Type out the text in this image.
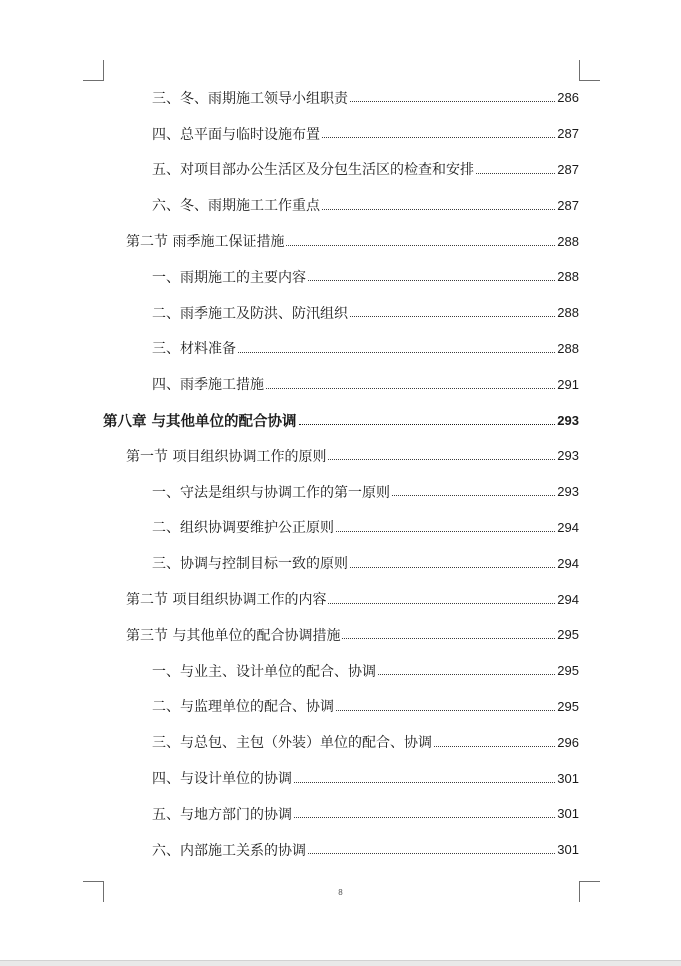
三、冬、雨期施工领导小组职责	286
四、总平面与临时设施布置	287
五、对项目部办公生活区及分包生活区的检查和安排	287
六、冬、雨期施工工作重点	287
第二节 雨季施工保证措施	288
一、雨期施工的主要内容	288
二、雨季施工及防洪、防汛组织	288
三、材料准备	288
四、雨季施工措施	291
第八章 与其他单位的配合协调	293
第一节 项目组织协调工作的原则	293
一、守法是组织与协调工作的第一原则	293
二、组织协调要维护公正原则	294
三、协调与控制目标一致的原则	294
第二节 项目组织协调工作的内容	294
第三节 与其他单位的配合协调措施	295
一、与业主、设计单位的配合、协调	295
二、与监理单位的配合、协调	295
三、与总包、主包（外装）单位的配合、协调	296
四、与设计单位的协调	301
五、与地方部门的协调	301
六、内部施工关系的协调	301
8
